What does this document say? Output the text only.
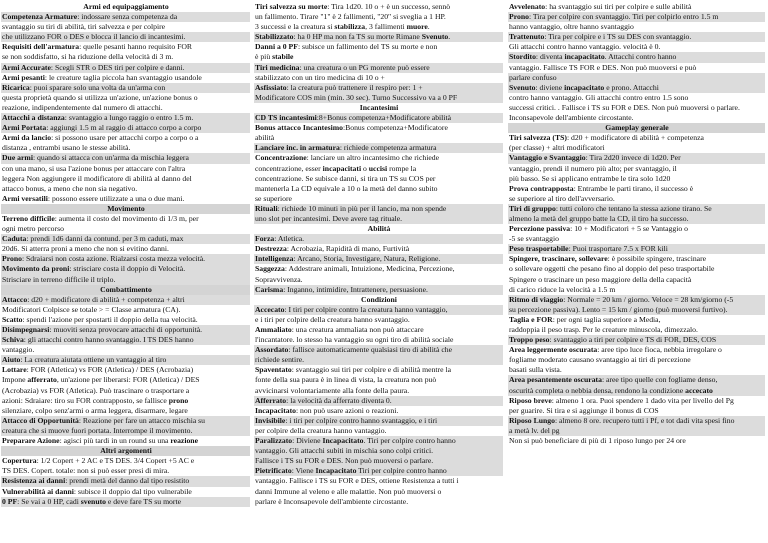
Armi ed equipaggiamento
Competenza Armature: indossare senza competenza da
svantaggio su tiri di abilità, tiri salvezza e per colpire
che utilizzano FOR o DES e blocca il lancio di incantesimi.
Requisiti dell'armatura: quelle pesanti hanno requisito FOR
se non soddisfatto, si ha riduzione della velocità di 3 m.
Armi Accurate: Scegli STR o DES tiri per colpire e danni.
Armi pesanti: le creature taglia piccola han svantaggio usandole
Ricarica: puoi sparare solo una volta da un'arma con
questa proprietà quando si utilizza un'azione, un'azione bonus o
reazione, indipendentemente dal numero di attacchi.
Attacchi a distanza: svantaggio a lungo raggio o entro 1.5 m.
Armi Portata: aggiungi 1.5 m al raggio di attacco corpo a corpo
Armi da lancio: si possono usare per attacchi corpo a corpo o a
distanza , entrambi usano le stesse abilità.
Due armi: quando si attacca con un'arma da mischia leggera
con una mano, si usa l'azione bonus per attaccare con l'altra
leggera Non aggiungere il modificatore di abilità al danno del
attacco bonus, a meno che non sia negativo.
Armi versatili: possono essere utilizzate a una o due mani.
Movimento
Terreno difficile: aumenta il costo del movimento di 1/3 m, per
ogni metro percorso
Caduta: prendi 1d6 danni da contund. per 3 m caduti, max
20d6. Si atterra proni a meno che non si evitino danni.
Prono: Sdraiarsi non costa azione. Rialzarsi costa mezza velocità.
Movimento da proni: strisciare costa il doppio di Velocità.
Strisciare in terreno difficile il triplo.
Combattimento
Attacco: d20 + modificatore di abilità + competenza + altri
Modificatori Colpisce se totale > = Classe armatura (CA).
Scatto: spendi l'azione per spostarti il doppio della tua velocità.
Disimpegnarsi: muoviti senza provocare attacchi di opportunità.
Schiva: gli attacchi contro hanno svantaggio. I TS DES hanno
vantaggio.
Aiuto: La creatura aiutata ottiene un vantaggio al tiro
Lottare: FOR (Atletica) vs FOR (Atletica) / DES (Acrobazia)
Impone afferrato, un'azione per liberarsi: FOR (Atletica) / DES
(Acrobazia) vs FOR (Atletica). Può trascinare o trasportare a
azioni: Sdraiare: tiro su FOR contrapposto, se fallisce prono
silenziare, colpo senz'armi o arma leggera, disarmare, legare
Attacco di Opportunità: Reazione per fare un attacco mischia su
creatura che si muove fuori portata. Interrompe il movimento.
Preparare Azione: agisci più tardi in un round su una reazione
Altri argomenti
Copertura: 1/2 Copert + 2 AC e TS DES. 3/4 Copert +5 AC e
TS DES. Copert. totale: non si può esser presi di mira.
Resistenza ai danni: prendi metà del danno dal tipo resistito
Vulnerabilità ai danni: subisce il doppio dal tipo vulnerabile
0 PF: Se vai a 0 HP, cadi svenuto e deve fare TS su morte
Tiri salvezza su morte: Tira 1d20. 10 o + è un successo, sennò
un fallimento. Tirare "1" è 2 fallimenti, "20" si sveglia a 1 HP.
3 successi e la creatura si stabilizza, 3 fallimenti muore.
Stabilizzato: ha 0 HP ma non fa TS su morte Rimane Svenuto.
Danni a 0 PF: subisce un fallimento del TS su morte e non
è più stabile
Tiri medicina: una creatura o un PG morente può essere
stabilizzato con un tiro medicina di 10 o +
Asfissiato: la creatura può trattenere il respiro per: 1 +
Modificatore COS min (min. 30 sec). Turno Successivo va a 0 PF
Incantesimi
CD TS incantesimi:8+Bonus competenza+Modificatore abilità
Bonus attacco Incantesimo:Bonus competenza+Modificatore
abilità
Lanciare inc. in armatura: richiede competenza armatura
Concentrazione: lanciare un altro incantesimo che richiede
concentrazione, esser incapacitati o uccisi rompe la
concentrazione. Se subisce danni, si tira un TS su COS per
mantenerla La CD equivale a 10 o la metà del danno subito
se superiore
Rituali: richiede 10 minuti in più per il lancio, ma non spende
uno slot per incantesimi. Deve avere tag rituale.
Abilità
Forza: Atletica.
Destrezza: Acrobazia, Rapidità di mano, Furtività
Intelligenza: Arcano, Storia, Investigare, Natura, Religione.
Saggezza: Addestrare animali, Intuizione, Medicina, Percezione,
Sopravvivenza.
Carisma: Inganno, intimidire, Intrattenere, persuasione.
Condizioni
Accecato: I tiri per colpire contro la creatura hanno vantaggio,
e i tiri per colpire della creatura hanno svantaggio.
Ammaliato: una creatura ammaliata non può attaccare
l'incantatore. lo stesso ha vantaggio su ogni tiro di abilità sociale
Assordato: fallisce automaticamente qualsiasi tiro di abilità che
richiede sentire.
Spaventato: svantaggio sui tiri per colpire e di abilità mentre la
fonte della sua paura è in linea di vista, la creatura non può
avvicinarsi volontariamente alla fonte della paura.
Afferrato: la velocità da afferrato diventa 0.
Incapacitato: non può usare azioni o reazioni.
Invisibile: i tiri per colpire contro hanno svantaggio, e i tiri
per colpire della creatura hanno vantaggio.
Paralizzato: Diviene Incapacitato. Tiri per colpire contro hanno
vantaggio. Gli attacchi subiti in mischia sono colpi critici.
Fallisce i TS su FOR e DES. Non può muoversi o parlare.
Pietrificato: Viene Incapacitato Tiri per colpire contro hanno
vantaggio. Fallisce i TS su FOR e DES, ottiene Resistenza a tutti i
danni Immune al veleno e alle malattie. Non può muoversi o
parlare è Inconsapevole dell'ambiente circostante.
Avvelenato: ha svantaggio sui tiri per colpire e sulle abilità
Prono: Tira per colpire con svantaggio. Tiri per colpirlo entro 1.5 m
hanno vantaggio, oltre hanno svantaggio
Trattenuto: Tira per colpire e i TS su DES con svantaggio.
Gli attacchi contro hanno vantaggio. velocità è 0.
Stordito: diventa incapacitato. Attacchi contro hanno
vantaggio. Fallisce TS FOR e DES. Non può muoversi e può
parlare confuso
Svenuto: diviene incapacitato e prono. Attacchi
contro hanno vantaggio. Gli attacchi contro entro 1.5 sono
successi critici. . Fallisce i TS su FOR e DES. Non può muoversi o parlare.
Inconsapevole dell'ambiente circostante.
Gameplay generale
Tiri salvezza (TS): d20 + modificatore di abilità + competenza
(per classe) + altri modificatori
Vantaggio e Svantaggio: Tira 2d20 invece di 1d20. Per
vantaggio, prendi il numero più alto; per svantaggio, il
più basso. Se si applicano entrambe le tira solo 1d20
Prova contrapposta: Entrambe le parti tirano, il successo è
se superiore al tiro dell'avversario.
Tiri di gruppo: tutti coloro che tentano la stessa azione tirano. Se
almeno la metà del gruppo batte la CD, il tiro ha successo.
Percezione passiva: 10 + Modificatori + 5 se Vantaggio o
-5 se svantaggio
Peso trasportabile: Puoi trasportare 7.5 x FOR kili
Spingere, trascinare, sollevare: è possibile spingere, trascinare
o sollevare oggetti che pesano fino al doppio del peso trasportabile
Spingere o trascinare un peso maggiore della della capacità
di carico riduce la velocità a 1.5 m
Ritmo di viaggio: Normale = 20 km / giorno. Veloce = 28 km/giorno (-5
su percezione passiva). Lento = 15 km / giorno (può muoversi furtivo).
Taglia e FOR: per ogni taglia superiore a Media,
raddoppia il peso trasp. Per le creature minuscola, dimezzalo.
Troppo peso: svantaggio a tiri per colpire e TS di FOR, DES, COS
Area leggermente oscurata: aree tipo luce fioca, nebbia irregolare o
fogliame moderato causano svantaggio ai tiri di percezione
basati sulla vista.
Area pesantemente oscurata: aree tipo quelle con fogliame denso,
oscurità completa o nebbia densa, rendono la condizione accecato
Riposo breve: almeno 1 ora. Puoi spendere 1 dado vita per livello del Pg
per guarire. Si tira e si aggiunge il bonus di COS
Riposo Lungo: almeno 8 ore. recupero tutti i Pf, e tot dadi vita spesi fino
a metà lv. del pg
Non si può beneficiare di più di 1 riposo lungo per 24 ore
